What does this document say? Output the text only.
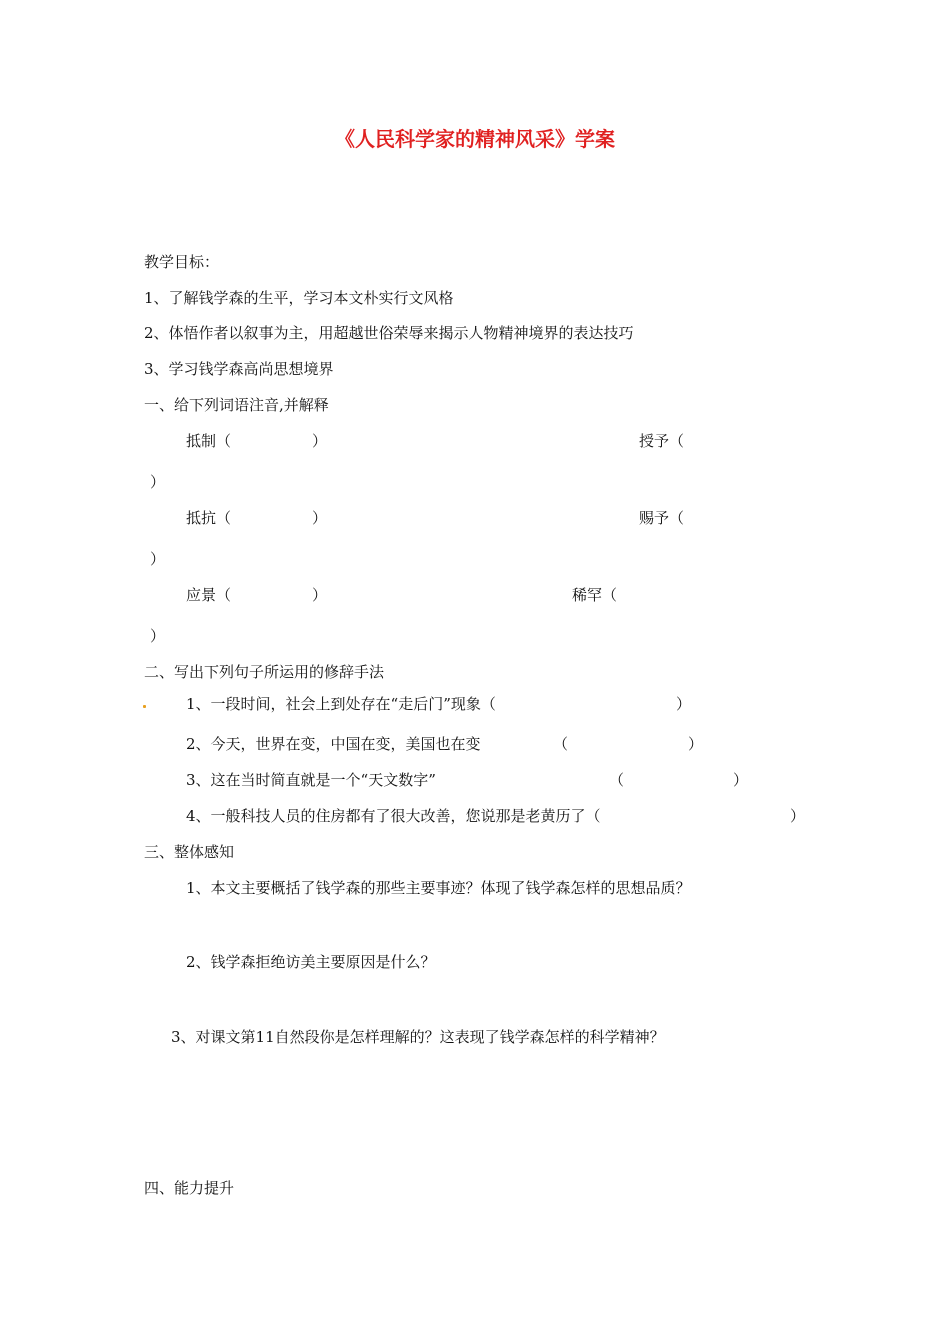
《人民科学家的精神风采》学案
教学目标：
1、了解钱学森的生平，学习本文朴实行文风格
2、体悟作者以叙事为主，用超越世俗荣辱来揭示人物精神境界的表达技巧
3、学习钱学森高尚思想境界
一、给下列词语注音,并解释
抵制（	）	授予（
）
抵抗（	）	赐予（
）
应景（	）	稀罕（
）
二、写出下列句子所运用的修辞手法
1、一段时间，社会上到处存在“走后门”现象（	）
2、今天，世界在变，中国在变，美国也在变	（	）
3、这在当时简直就是一个“天文数字”	（	）
4、一般科技人员的住房都有了很大改善，您说那是老黄历了（	）
三、整体感知
1、本文主要概括了钱学森的那些主要事迹？体现了钱学森怎样的思想品质？
2、钱学森拒绝访美主要原因是什么？
3、对课文第11自然段你是怎样理解的？这表现了钱学森怎样的科学精神？
四、能力提升
